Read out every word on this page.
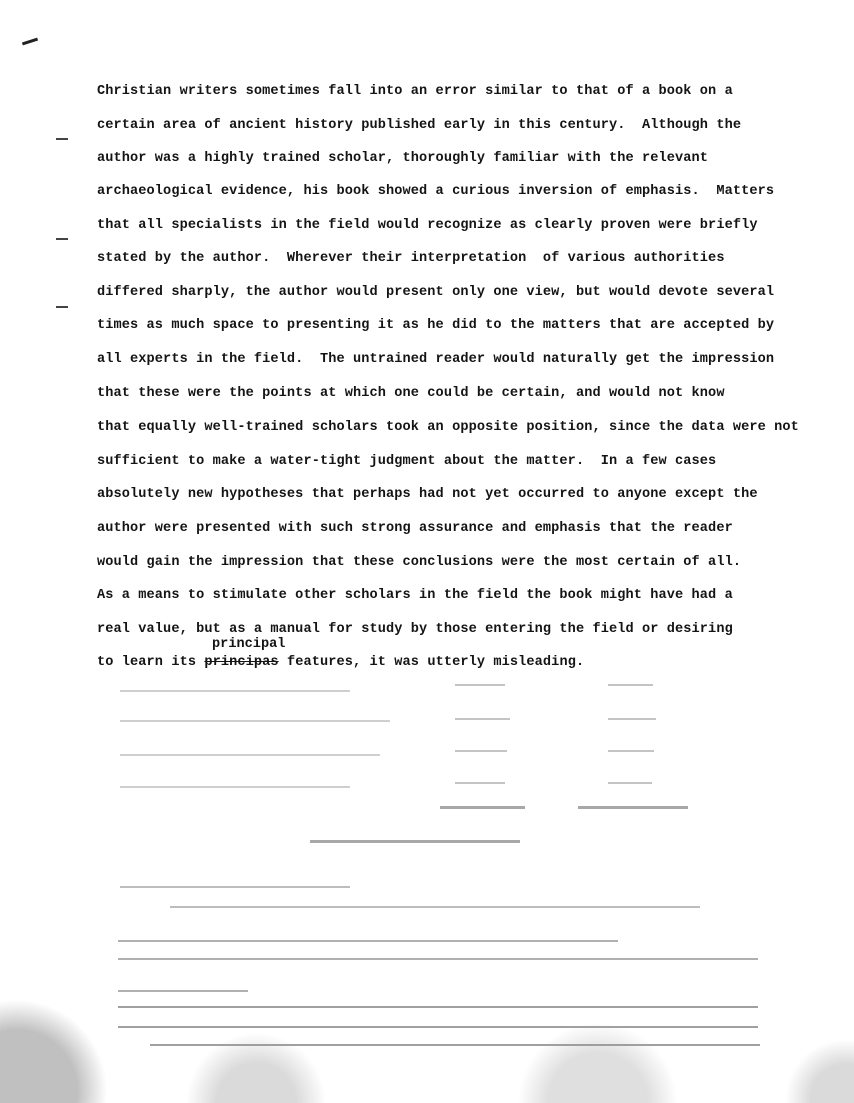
Christian writers sometimes fall into an error similar to that of a book on a
certain area of ancient history published early in this century.  Although the
author was a highly trained scholar, thoroughly familiar with the relevant
archaeological evidence, his book showed a curious inversion of emphasis.  Matters
that all specialists in the field would recognize as clearly proven were briefly
stated by the author.  Wherever their interpretation  of various authorities
differed sharply, the author would present only one view, but would devote several
times as much space to presenting it as he did to the matters that are accepted by
all experts in the field.  The untrained reader would naturally get the impression
that these were the points at which one could be certain, and would not know
that equally well-trained scholars took an opposite position, since the data were not
sufficient to make a water-tight judgment about the matter.  In a few cases
absolutely new hypotheses that perhaps had not yet occurred to anyone except the
author were presented with such strong assurance and emphasis that the reader
would gain the impression that these conclusions were the most certain of all.
As a means to stimulate other scholars in the field the book might have had a
real value, but as a manual for study by those entering the field or desiring
principal
to learn its principas features, it was utterly misleading.
